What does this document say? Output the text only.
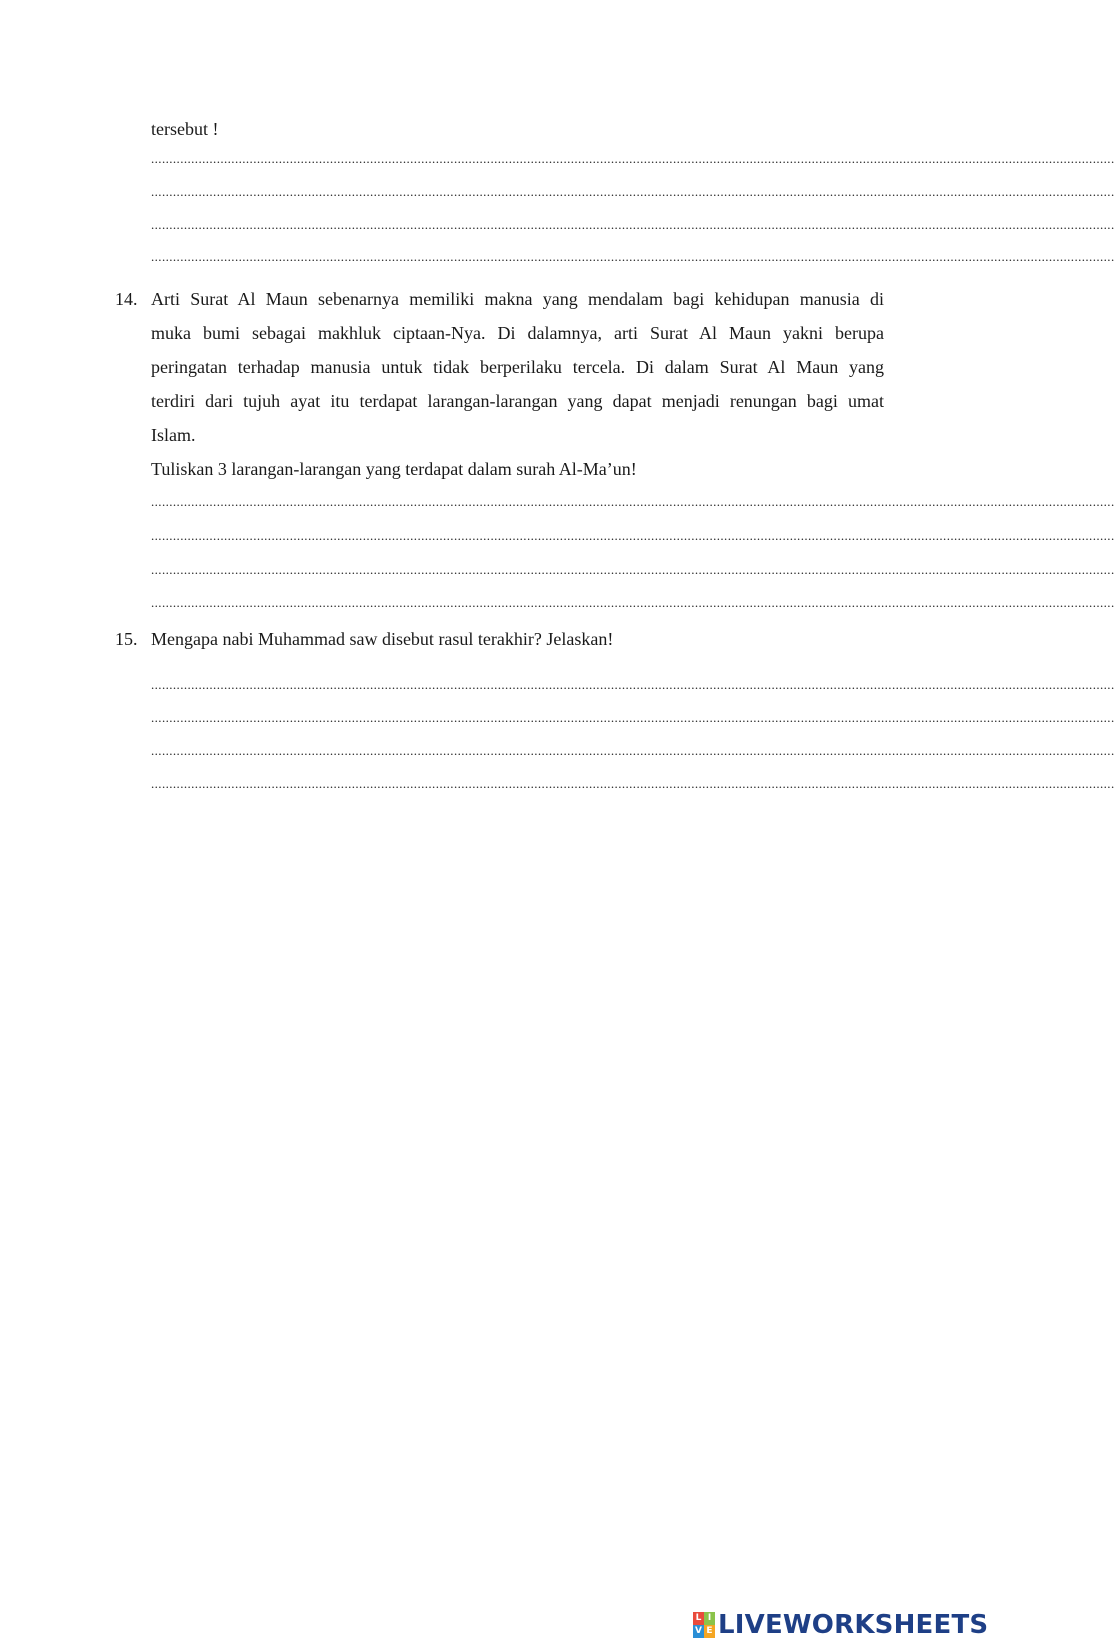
tersebut !
........................................................................................................................................................................................................................................................................
........................................................................................................................................................................................................................................................................
........................................................................................................................................................................................................................................................................
........................................................................................................................................................................................................................................................................
14. Arti Surat Al Maun sebenarnya memiliki makna yang mendalam bagi kehidupan manusia di
muka bumi sebagai makhluk ciptaan-Nya. Di dalamnya, arti Surat Al Maun yakni berupa
peringatan terhadap manusia untuk tidak berperilaku tercela. Di dalam Surat Al Maun yang
terdiri dari tujuh ayat itu terdapat larangan-larangan yang dapat menjadi renungan bagi umat
Islam.
Tuliskan 3 larangan-larangan yang terdapat dalam surah Al-Ma’un!
........................................................................................................................................................................................................................................................................
........................................................................................................................................................................................................................................................................
........................................................................................................................................................................................................................................................................
........................................................................................................................................................................................................................................................................
15. Mengapa nabi Muhammad saw disebut rasul terakhir? Jelaskan!
........................................................................................................................................................................................................................................................................
........................................................................................................................................................................................................................................................................
........................................................................................................................................................................................................................................................................
........................................................................................................................................................................................................................................................................
L I
V E LIVEWORKSHEETS
